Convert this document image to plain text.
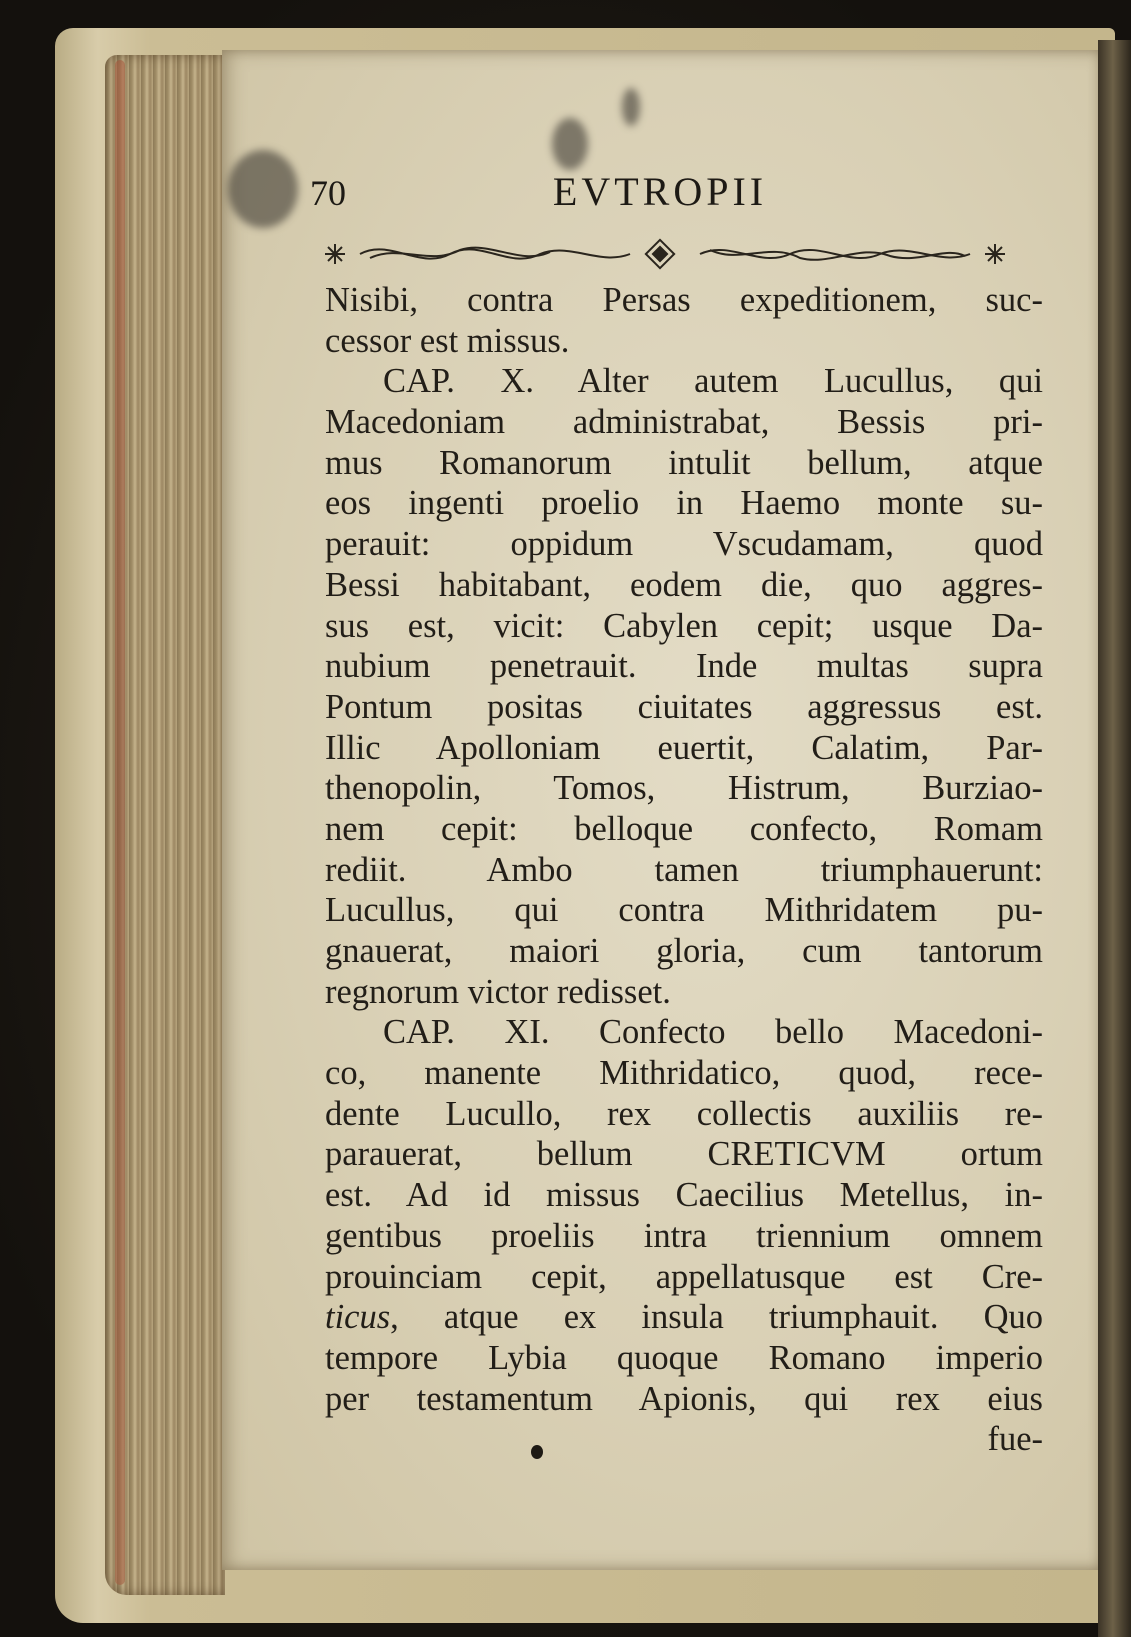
70	EVTROPII
Nisibi, contra Persas expeditionem, suc-
cessor est missus.
CAP. X. Alter autem Lucullus, qui
Macedoniam administrabat, Bessis pri-
mus Romanorum intulit bellum, atque
eos ingenti proelio in Haemo monte su-
perauit: oppidum Vscudamam, quod
Bessi habitabant, eodem die, quo aggres-
sus est, vicit: Cabylen cepit; usque Da-
nubium penetrauit. Inde multas supra
Pontum positas ciuitates aggressus est.
Illic Apolloniam euertit, Calatim, Par-
thenopolin, Tomos, Histrum, Burziao-
nem cepit: belloque confecto, Romam
rediit. Ambo tamen triumphauerunt:
Lucullus, qui contra Mithridatem pu-
gnauerat, maiori gloria, cum tantorum
regnorum victor redisset.
CAP. XI. Confecto bello Macedoni-
co, manente Mithridatico, quod, rece-
dente Lucullo, rex collectis auxiliis re-
parauerat, bellum CRETICVM ortum
est. Ad id missus Caecilius Metellus, in-
gentibus proeliis intra triennium omnem
prouinciam cepit, appellatusque est Cre-
ticus, atque ex insula triumphauit. Quo
tempore Lybia quoque Romano imperio
per testamentum Apionis, qui rex eius
fue-
